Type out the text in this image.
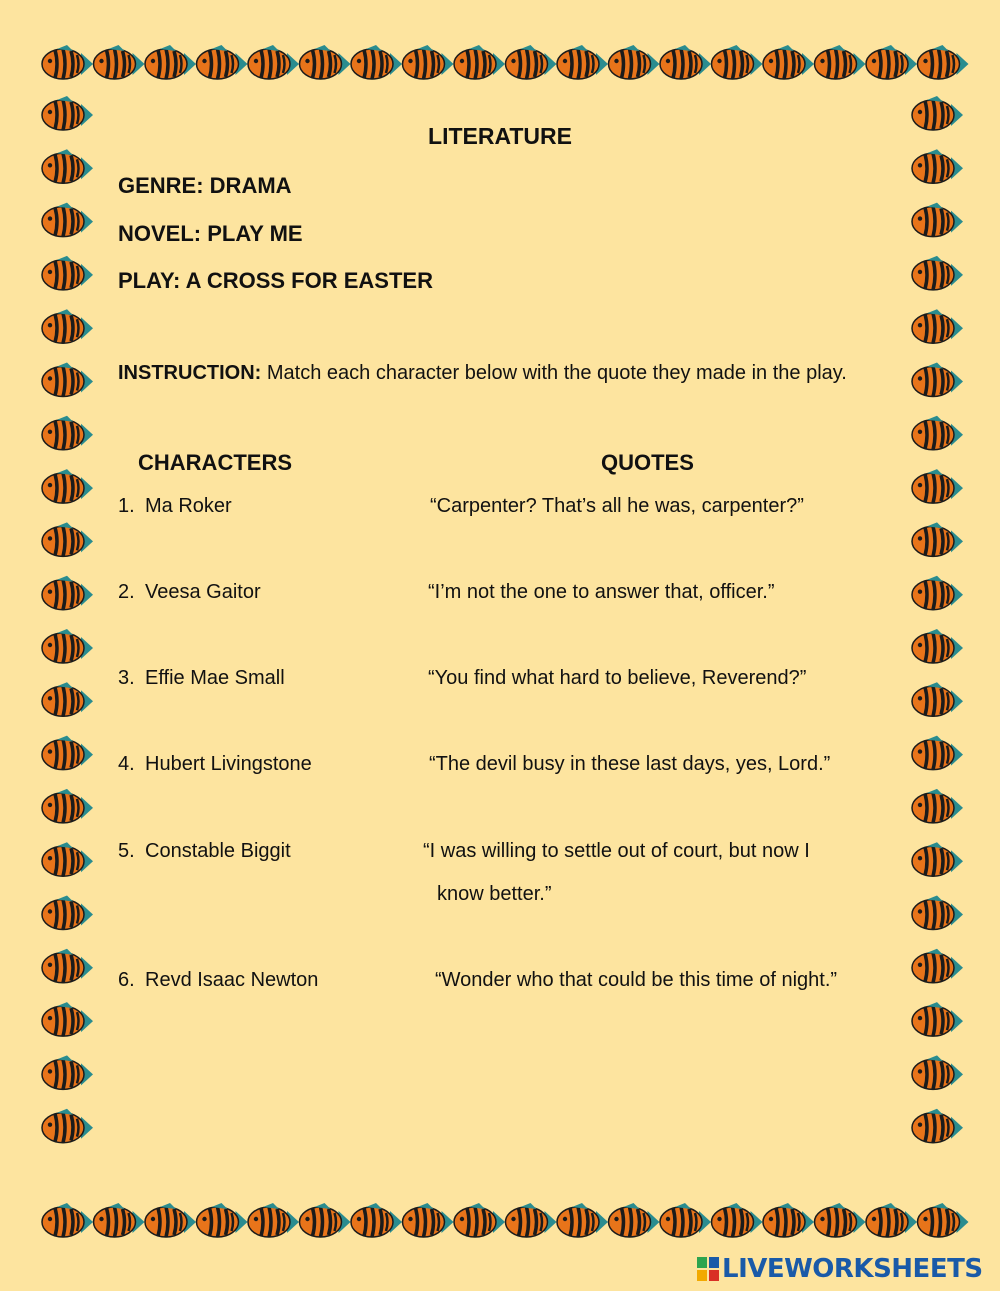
LITERATURE
GENRE: DRAMA
NOVEL: PLAY ME
PLAY: A CROSS FOR EASTER
INSTRUCTION: Match each character below with the quote they made in the play.
CHARACTERS	QUOTES
1. Ma Roker
2. Veesa Gaitor
3. Effie Mae Small
4. Hubert Livingstone
5. Constable Biggit
6. Revd Isaac Newton
“Carpenter? That’s all he was, carpenter?”
“I’m not the one to answer that, officer.”
“You find what hard to believe, Reverend?”
“The devil busy in these last days, yes, Lord.”
“I was willing to settle out of court, but now I
know better.”
“Wonder who that could be this time of night.”
LIVEWORKSHEETS
